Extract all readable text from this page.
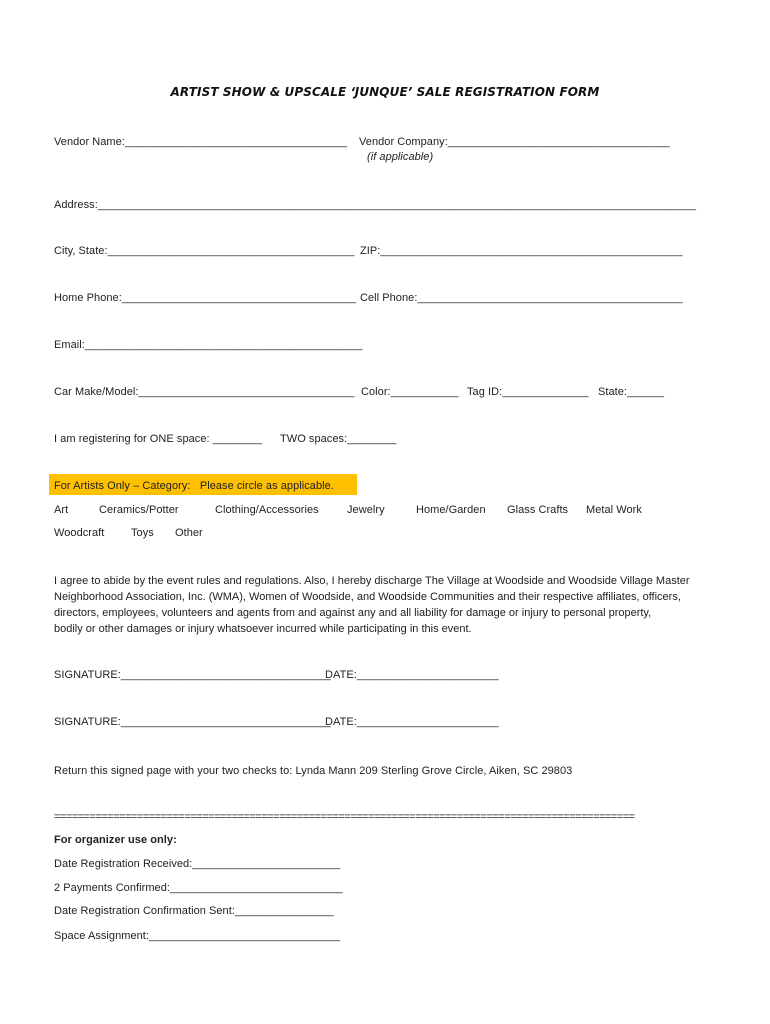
ARTIST SHOW & UPSCALE ‘JUNQUE’ SALE REGISTRATION FORM
Vendor Name:____________________________________ Vendor Company:____________________________________
(if applicable)
Address:_________________________________________________________________________________________________
City, State:________________________________________ ZIP:_________________________________________________
Home Phone:______________________________________ Cell Phone:___________________________________________
Email:_____________________________________________
Car Make/Model:___________________________________ Color:___________ Tag ID:______________ State:______
I am registering for ONE space: ________ TWO spaces:________
For Artists Only – Category:   Please circle as applicable.
Art	Ceramics/Potter	Clothing/Accessories	Jewelry	Home/Garden Glass Crafts Metal Work
Woodcraft Toys Other
I agree to abide by the event rules and regulations. Also, I hereby discharge The Village at Woodside and Woodside Village Master
Neighborhood Association, Inc. (WMA), Women of Woodside, and Woodside Communities and their respective affiliates, officers,
directors, employees, volunteers and agents from and against any and all liability for damage or injury to personal property,
bodily or other damages or injury whatsoever incurred while participating in this event.
SIGNATURE:__________________________________
DATE:_______________________
SIGNATURE:__________________________________
DATE:_______________________
Return this signed page with your two checks to: Lynda Mann 209 Sterling Grove Circle, Aiken, SC 29803
==================================================================================================
For organizer use only:
Date Registration Received:________________________
2 Payments Confirmed:____________________________
Date Registration Confirmation Sent:________________
Space Assignment:_______________________________
